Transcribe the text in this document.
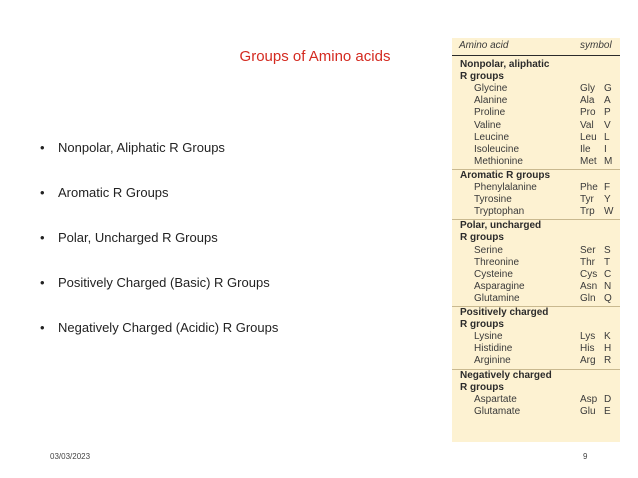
Groups of Amino acids
• Nonpolar, Aliphatic R Groups
• Aromatic R Groups
• Polar, Uncharged R Groups
• Positively Charged (Basic) R Groups
• Negatively Charged (Acidic) R Groups
Amino acid	symbol
Nonpolar, aliphatic
R groups
Glycine	Gly G
Alanine	Ala A
Proline	Pro P
Valine	Val V
Leucine	Leu L
Isoleucine	Ile I
Methionine	Met M
Aromatic R groups
Phenylalanine	Phe F
Tyrosine	Tyr Y
Tryptophan	Trp W
Polar, uncharged
R groups
Serine	Ser S
Threonine	Thr T
Cysteine	Cys C
Asparagine	Asn N
Glutamine	Gln Q
Positively charged
R groups
Lysine	Lys K
Histidine	His H
Arginine	Arg R
Negatively charged
R groups
Aspartate	Asp D
Glutamate	Glu E
03/03/2023	9
